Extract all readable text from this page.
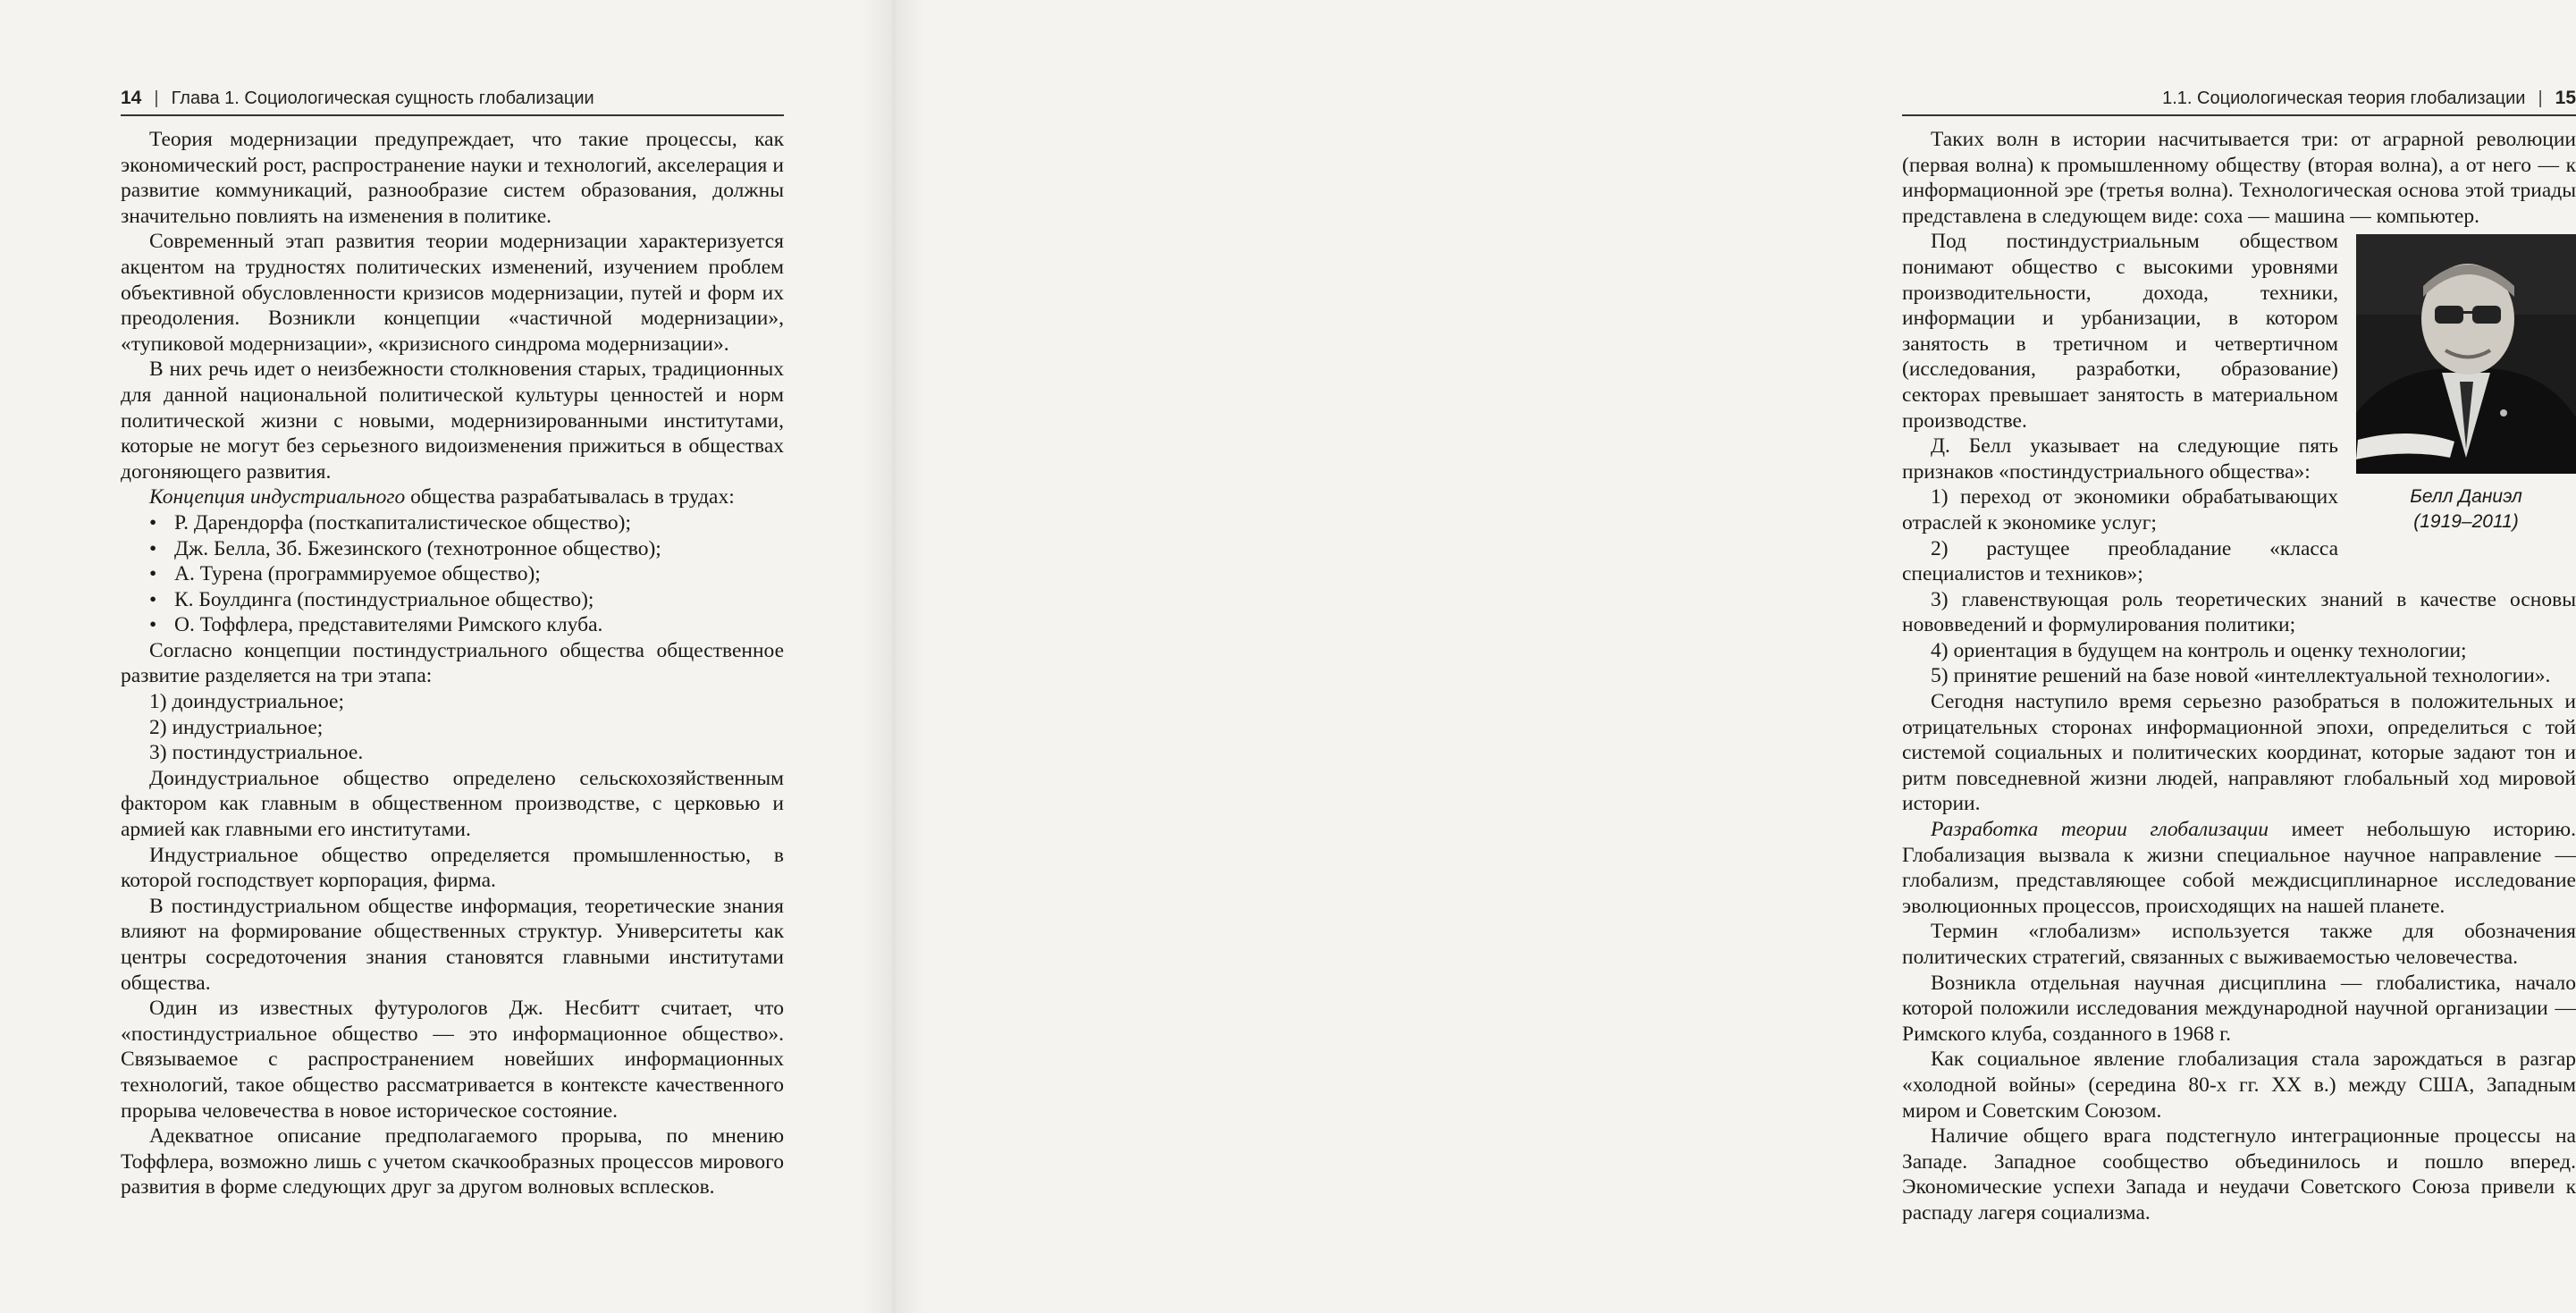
14 | Глава 1. Социологическая сущность глобализации

Теория модернизации предупреждает, что такие процессы, как экономический рост, распространение науки и технологий, акселерация и развитие коммуникаций, разнообразие систем образования, должны значительно повлиять на изменения в политике.

Современный этап развития теории модернизации характеризуется акцентом на трудностях политических изменений, изучением проблем объективной обусловленности кризисов модернизации, путей и форм их преодоления. Возникли концепции «частичной модернизации», «тупиковой модернизации», «кризисного синдрома модернизации».

В них речь идет о неизбежности столкновения старых, традиционных для данной национальной политической культуры ценностей и норм политической жизни с новыми, модернизированными институтами, которые не могут без серьезного видоизменения прижиться в обществах догоняющего развития.

Концепция индустриального общества разрабатывалась в трудах:

• Р. Дарендорфа (посткапиталистическое общество);

• Дж. Белла, Зб. Бжезинского (технотронное общество);

• А. Турена (программируемое общество);

• К. Боулдинга (постиндустриальное общество);

• О. Тоффлера, представителями Римского клуба.

Согласно концепции постиндустриального общества общественное развитие разделяется на три этапа:

1) доиндустриальное;

2) индустриальное;

3) постиндустриальное.

Доиндустриальное общество определено сельскохозяйственным фактором как главным в общественном производстве, с церковью и армией как главными его институтами.

Индустриальное общество определяется промышленностью, в которой господствует корпорация, фирма.

В постиндустриальном обществе информация, теоретические знания влияют на формирование общественных структур. Университеты как центры сосредоточения знания становятся главными институтами общества.

Один из известных футурологов Дж. Несбитт считает, что «постиндустриальное общество — это информационное общество». Связываемое с распространением новейших информационных технологий, такое общество рассматривается в контексте качественного прорыва человечества в новое историческое состояние.

Адекватное описание предполагаемого прорыва, по мнению Тоффлера, возможно лишь с учетом скачкообразных процессов мирового развития в форме следующих друг за другом волновых всплесков.

1.1. Социологическая теория глобализации | 15

Таких волн в истории насчитывается три: от аграрной революции (первая волна) к промышленному обществу (вторая волна), а от него — к информационной эре (третья волна). Технологическая основа этой триады представлена в следующем виде: соха — машина — компьютер.

Белл Даниэл
(1919–2011)

Под постиндустриальным обществом понимают общество с высокими уровнями производительности, дохода, техники, информации и урбанизации, в котором занятость в третичном и четвертичном (исследования, разработки, образование) секторах превышает занятость в материальном производстве.

Д. Белл указывает на следующие пять признаков «постиндустриального общества»:

1) переход от экономики обрабатывающих отраслей к экономике услуг;

2) растущее преобладание «класса специалистов и техников»;

3) главенствующая роль теоретических знаний в качестве основы нововведений и формулирования политики;

4) ориентация в будущем на контроль и оценку технологии;

5) принятие решений на базе новой «интеллектуальной технологии».

Сегодня наступило время серьезно разобраться в положительных и отрицательных сторонах информационной эпохи, определиться с той системой социальных и политических координат, которые задают тон и ритм повседневной жизни людей, направляют глобальный ход мировой истории.

Разработка теории глобализации имеет небольшую историю. Глобализация вызвала к жизни специальное научное направление — глобализм, представляющее собой междисциплинарное исследование эволюционных процессов, происходящих на нашей планете.

Термин «глобализм» используется также для обозначения политических стратегий, связанных с выживаемостью человечества.

Возникла отдельная научная дисциплина — глобалистика, начало которой положили исследования международной научной организации — Римского клуба, созданного в 1968 г.

Как социальное явление глобализация стала зарождаться в разгар «холодной войны» (середина 80-х гг. XX в.) между США, Западным миром и Советским Союзом.

Наличие общего врага подстегнуло интеграционные процессы на Западе. Западное сообщество объединилось и пошло вперед. Экономические успехи Запада и неудачи Советского Союза привели к распаду лагеря социализма.
